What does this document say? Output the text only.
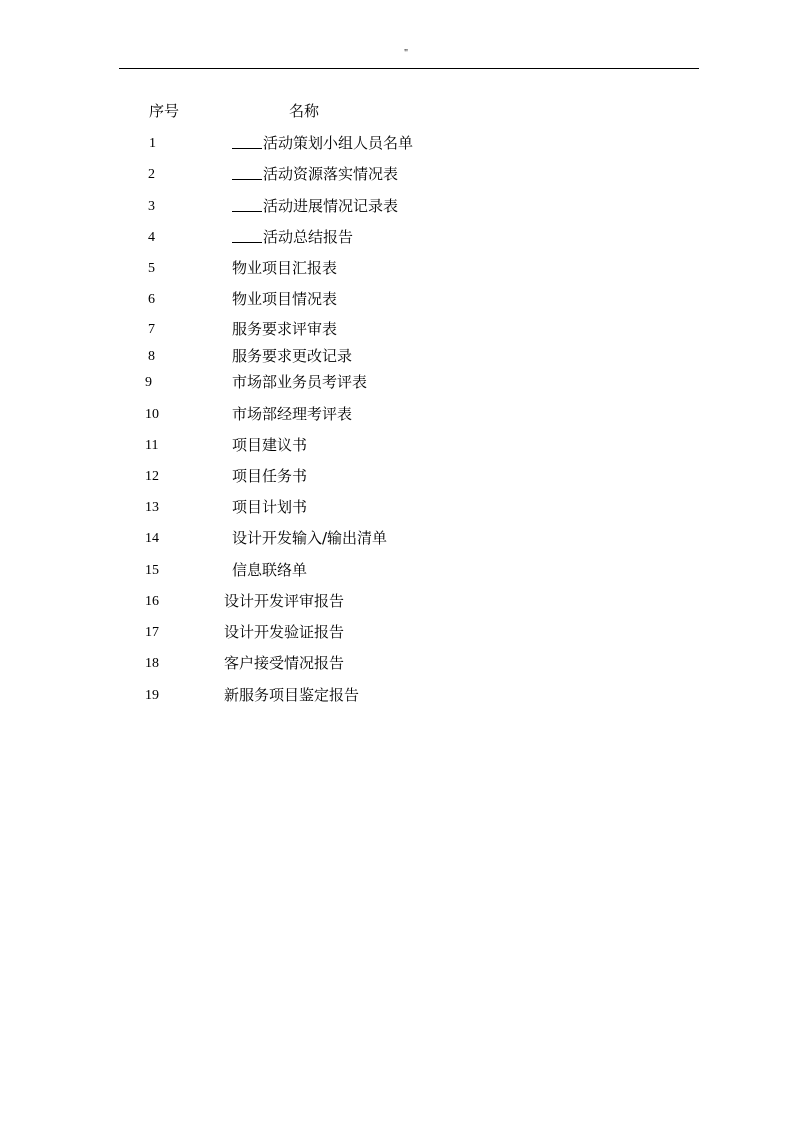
"
序号	名称
1	活动策划小组人员名单
2	活动资源落实情况表
3	活动进展情况记录表
4	活动总结报告
5	物业项目汇报表
6	物业项目情况表
7	服务要求评审表
8	服务要求更改记录
9	市场部业务员考评表
10	市场部经理考评表
11	项目建议书
12	项目任务书
13	项目计划书
14	设计开发输入/输出清单
15	信息联络单
16	设计开发评审报告
17	设计开发验证报告
18	客户接受情况报告
19	新服务项目鉴定报告
